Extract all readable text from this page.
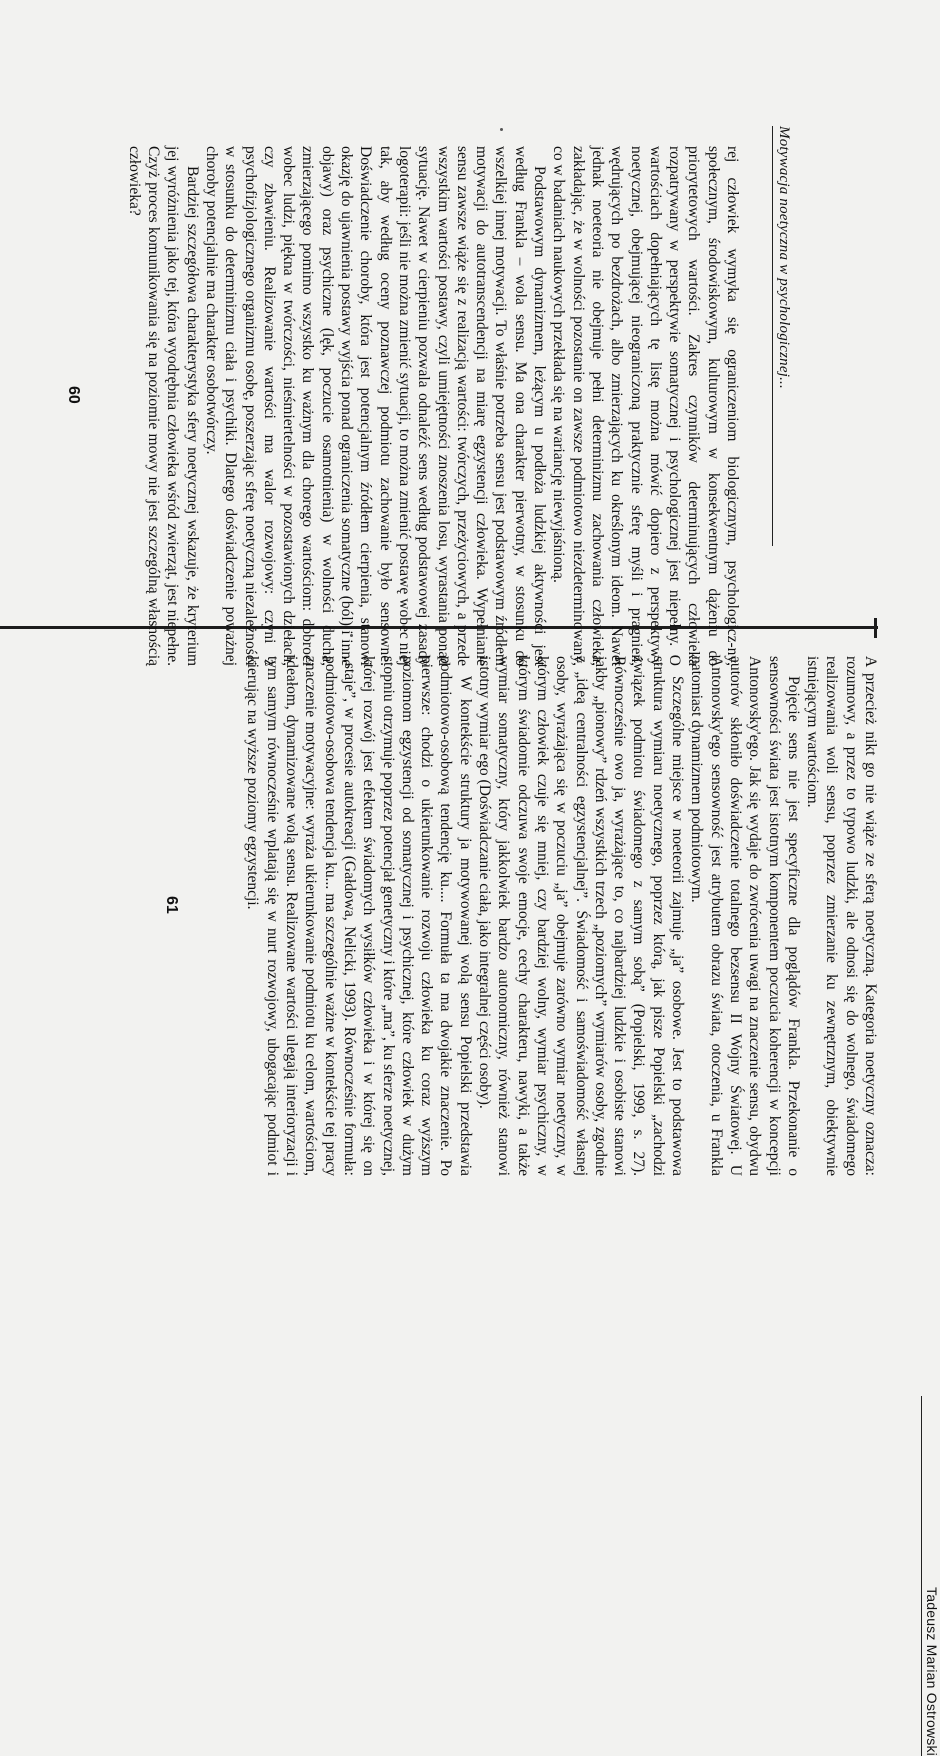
Motywacja noetyczna w psychologicznej...

rej człowiek wymyka się ograniczeniom biologicznym, psychologicz-ny, społecznym, środowiskowym, kulturowym w konsekwentnym dążeniu do priorytetowych wartości. Zakres czynników determinujących człowieka rozpatrywany w perspektywie somatycznej i psychologicznej jest niepełny. O wartościach dopełniających tę listę można mówić dopiero z perspektywy noetycznej, obejmującej nieograniczoną praktycznie sferę myśli i pragnień, wędrujących po bezdrożach, albo zmierzających ku określonym ideom. Nawet jednak noeteoria nie obejmuje pełni determinizmu zachowania człowieka, zakładając, że w wolności pozostanie on zawsze podmiotowo niezdeterminowany, co w badaniach naukowych przekłada się na wariancję niewyjaśnioną.

Podstawowym dynamizmem, leżącym u podłoża ludzkiej aktywności jest według Frankla – wola sensu. Ma ona charakter pierwotny, w stosunku do wszelkiej innej motywacji. To właśnie potrzeba sensu jest podstawowym źródłem motywacji do autotranscendencji na miarę egzystencji człowieka. Wypełnianie sensu zawsze wiąże się z realizacją wartości: twórczych, przeżyciowych, a przede wszystkim wartości postawy, czyli umiejętności znoszenia losu, wyrastania ponad sytuację. Nawet w cierpieniu pozwala odnaleźć sens według podstawowej zasady logoterapii: jeśli nie można zmienić sytuacji, to można zmienić postawę wobec niej tak, aby według oceny poznawczej podmiotu zachowanie było sensowne. Doświadczenie choroby, która jest potencjalnym źródłem cierpienia, stanowi okazję do ujawnienia postawy wyjścia ponad ograniczenia somatyczne (ból) i inne objawy) oraz psychiczne (lęk, poczucie osamotnienia) w wolności ducha, zmierzającego pomimo wszystko ku ważnym dla chorego wartościom: dobroci wobec ludzi, piękna w twórczości, nieśmiertelności w pozostawionych dziełach, czy zbawieniu. Realizowanie wartości ma walor rozwojowy: czyni z psychofizjologicznego organizmu osobę, poszerzając sferę noetyczną niezależności w stosunku do determinizmu ciała i psychiki. Dlatego doświadczenie poważnej choroby potencjalnie ma charakter osobotwórczy.

Bardziej szczegółowa charakterystyka sfery noetycznej wskazuje, że kryterium jej wyróżnienia jako tej, która wyodrębnia człowieka wśród zwierząt, jest niepełne. Czyż proces komunikowania się na poziomie mowy nie jest szczególną własnością człowieka?

60
Tadeusz Marian Ostrowski

A przecież nikt go nie wiąże ze sferą noetyczną. Kategoria noetyczny oznacza: rozumowy, a przez to typowo ludzki, ale odnosi się do wolnego, świadomego realizowania woli sensu, poprzez zmierzanie ku zewnętrznym, obiektywnie istniejącym wartościom.

Pojęcie sens nie jest specyficzne dla poglądów Frankla. Przekonanie o sensowności świata jest istotnym komponentem poczucia koherencji w koncepcji Antonovsky'ego. Jak się wydaje do zwrócenia uwagi na znaczenie sensu, obydwu autorów skłoniło doświadczenie totalnego bezsensu II Wojny Światowej. U Antonovsky'ego sensowność jest atrybutem obrazu świata, otoczenia, u Frankla natomiast dynamizmem podmiotowym.

Szczególne miejsce w noeteorii zajmuje „ja” osobowe. Jest to podstawowa struktura wymiaru noetycznego, poprzez którą, jak pisze Popielski „zachodzi związek podmiotu świadomego z samym sobą” (Popielski, 1999, s. 27). Równocześnie owo ja, wyrażające to, co najbardziej ludzkie i osobiste stanowi jakby „pionowy” rdzeń wszystkich trzech „poziomych” wymiarów osoby, zgodnie z „ideą centralności egzystencjalnej”. Świadomość i samoświadomość własnej osoby, wyrażająca się w poczuciu „ja” obejmuje zarówno wymiar noetyczny, w którym człowiek czuje się mniej, czy bardziej wolny, wymiar psychiczny, w którym świadomie odczuwa swoje emocje, cechy charakteru, nawyki, a także wymiar somatyczny, który jakkolwiek bardzo autonomiczny, również stanowi istotny wymiar ego (Doświadczanie ciała, jako integralnej części osoby).

W kontekście struktury ja motywowanej wolą sensu Popielski przedstawia podmiotowo-osobową tendencję ku.... Formuła ta ma dwojakie znaczenie. Po pierwsze: chodzi o ukierunkowanie rozwoju człowieka ku coraz wyższym poziomom egzystencji od somatycznej i psychicznej, które człowiek w dużym stopniu otrzymuje poprzez potencjał genetyczny i które „ma”, ku sferze noetycznej, której rozwój jest efektem świadomych wysiłków człowieka i w której się on „staje”, w procesie autokreacji (Gałdowa, Nelicki, 1993). Równocześnie formuła: podmiotowo-osobowa tendencja ku... ma szczególnie ważne w kontekście tej pracy znaczenie motywacyjne: wyraża ukierunkowanie podmiotu ku celom, wartościom, ideałom, dynamizowane wolą sensu. Realizowane wartości ulegają interioryzacji i tym samym równocześnie wplatają się w nurt rozwojowy, ubogacając podmiot i kierując na wyższe poziomy egzystencji.

61
